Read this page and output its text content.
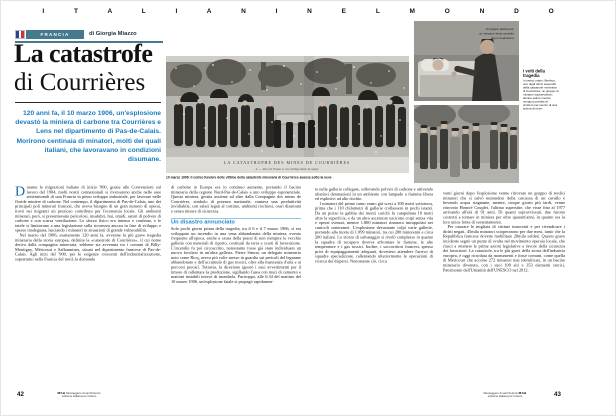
I T A L I A N I N E L M O N D O
FRANCIA	di Giorgia Miazzo
La catastrofe
di Courrières
120 anni fa, il 10 marzo 1906, un'esplosione devastò la miniera di carbone tra Courrières e Lens nel dipartimento di Pas-de-Calais. Morirono centinaia di minatori, molti dei quali italiani, che lavoravano in condizioni disumane.	LA CATASTROPHE DES MINES DE COURRIÈRES
4. — Vers la Fosse 2, un cortège dans la neige
10 marzo 1906: il corteo funebre delle vittime della catastrofe mineraria di Courrières avanza sotto la neve
Immagine dell'epoca:
un minatore ferito assistito
dopo l'esplosione

I volti della tragedia

In senso orario: Berthou, uno degli ultimi superstiti della catastrofe mineraria di Courrières; un gruppo di minatori sopravvissuti; alcune salme mentre vengono portate al cimitero nel mezzo di una bufera di neve.

Durante le migrazioni italiane di inizio '900, grazie alle Convenzioni sul lavoro del 1904, molti nostri connazionali si riversarono anche nelle aree settentrionali di una Francia in pieno sviluppo industriale, per lavorare nelle floride miniere di carbone. Nel contempo, il dipartimento di Pas-de-Calais, uno dei principali poli minerari francesi, che aveva bisogno di un gran numero di operai, trovò nei migranti un prezioso contributo per l'economia locale. Gli ambienti minerari, però, si presentavano pericolosi, insalubri, bui, umidi, saturi di polvere di carbone e con scarsa ventilazione. Lo sforzo fisico era intenso e continuo, e le tutele si limitavano a una legislazione sulla sicurezza ancora in fase di sviluppo e spesso inadeguata, lasciando i minatori in situazioni di grande vulnerabilità.

Nel marzo del 1906, esattamente 120 anni fa, avvenne la più grave tragedia mineraria della storia europea, definita la «catastrofe di Courrières», il cui nome deriva dalla compagnia mineraria, sebbene sia avvenuta tra i comuni di Billy-Montigny, Méricourt e Sallaumines, situati nel dipartimento francese di Pas-de-Calais. Agli inizi del '900, per le esigenze crescenti dell'industrializzazione, soprattutto nella Francia del nord, la domanda

di carbone in Europa era in continuo aumento, portando il bacino minerario della regione Nord-Pas-de-Calais a uno sviluppo esponenziale. Questa miniera, gestita assieme ad altre dalla Compagnie des mines de Courrières, simbolo di potenza nazionale, vantava una produttività invidiabile, con salari legati al cottimo, ambienti rischiosi, orari disumani e senza misure di sicurezza.

Un disastro annunciato

Solo pochi giorni prima della tragedia, tra il 6 e il 7 marzo 1906, si era sviluppato un incendio in una vena abbandonata della miniera, evento frequente all'epoca, anche a causa della prassi di non riempire le vecchie gallerie con materiali di riporto, costituiti da terra e scarti di lavorazione. L'incendio fu poi circoscritto, nonostante fosse già stato individuato un nuovo focolaio in un'altra galleria. Pierre Simon, un delegato minerario noto come Ricq, aveva più volte messo in guardia sui pericoli del legname abbandonato e dell'accumulo di gas tossici, oltre alla mancanza d'aria e ai percorsi precari. Tuttavia, la direzione ignorò i suoi avvertimenti per il timore di rallentare la produzione, sigillando l'area con muri di cemento e mattoni instabili invece di inondarla. Purtroppo, alle 6.34 del mattino del 10 marzo 1906, un'esplosione fatale si propagò rapidamen-

te nelle gallerie collegate, sollevando polveri di carbone e attivando ulteriori detonazioni in un ambiente con lampade a fiamma libera ed esplosivi ad alto rischio.

I minatori del primo turno erano già scesi a 300 metri sottoterra, prima che i 110 chilometri di gallerie crollassero in pochi istanti. Da un pozzo la gabbia dei mezzi carichi fu catapultata 10 metri oltre la superficie, e da un altro ascensore uscirono corpi senza vita e operai svenuti, mentre 1.800 minatori rimasero intrappolati nei cunicoli sotterranei. L'esplosione devastante colpì varie gallerie, portando alla morte di 1.099 minatori, tra cui 200 minorenni e circa 200 italiani. Lo sforzo di salvataggio si rivelò complesso in quanto la squadra di recupero doveva affrontare le fiamme, le alte temperature e i gas tossici. Inoltre, i soccorritori francesi, spesso privi di equipaggiamenti adeguati, dovettero attendere l'arrivo di squadre specializzate, rallentando ulteriormente le operazioni di ricerca dei dispersi. Nonostante ciò, circa

venti giorni dopo l'esplosione venne ritrovato un gruppo di tredici minatori che si salvò nutrendosi della carcassa di un cavallo e bevendo acqua stagnante, mentre, cinque giorni più tardi, venne ritrovato Honoré Couplet, l'ultimo superstite, che visse fino al 1977 arrivando all'età di 91 anni. Di quanti sopravvissuti, due furono costretti a tornare in miniera per oltre quarant'anni, in quanto era la loro unica fonte di sostentamento.

Per onorare le migliaia di vittime innocenti e per rivendicare i diritti negati, 45mila minatori scioperarono per due mesi, tanto che la Repubblica francese dovette mobilitare 20mila soldati. Questo grave incidente segnò un punto di svolta nel movimento operaio locale, che riuscì a ottenere le prime azioni legislative a favore della sicurezza dei lavoratori. La catastrofe, tra le più gravi della storia dell'industria europea, è oggi ricordata da monumenti e fosse comuni, come quella di Méricourt che accolse 272 minatori mai identificati, in un bacino minerario divenuto, con i suoi 109 siti e 353 elementi storici, Patrimonio dell'Umanità dell'UNESCO nel 2012.

42	MSA Messaggero di sant'Antonio
edizione italiana per l'estero
Messaggero di sant'Antonio MSA
edizione italiana per l'estero	43
